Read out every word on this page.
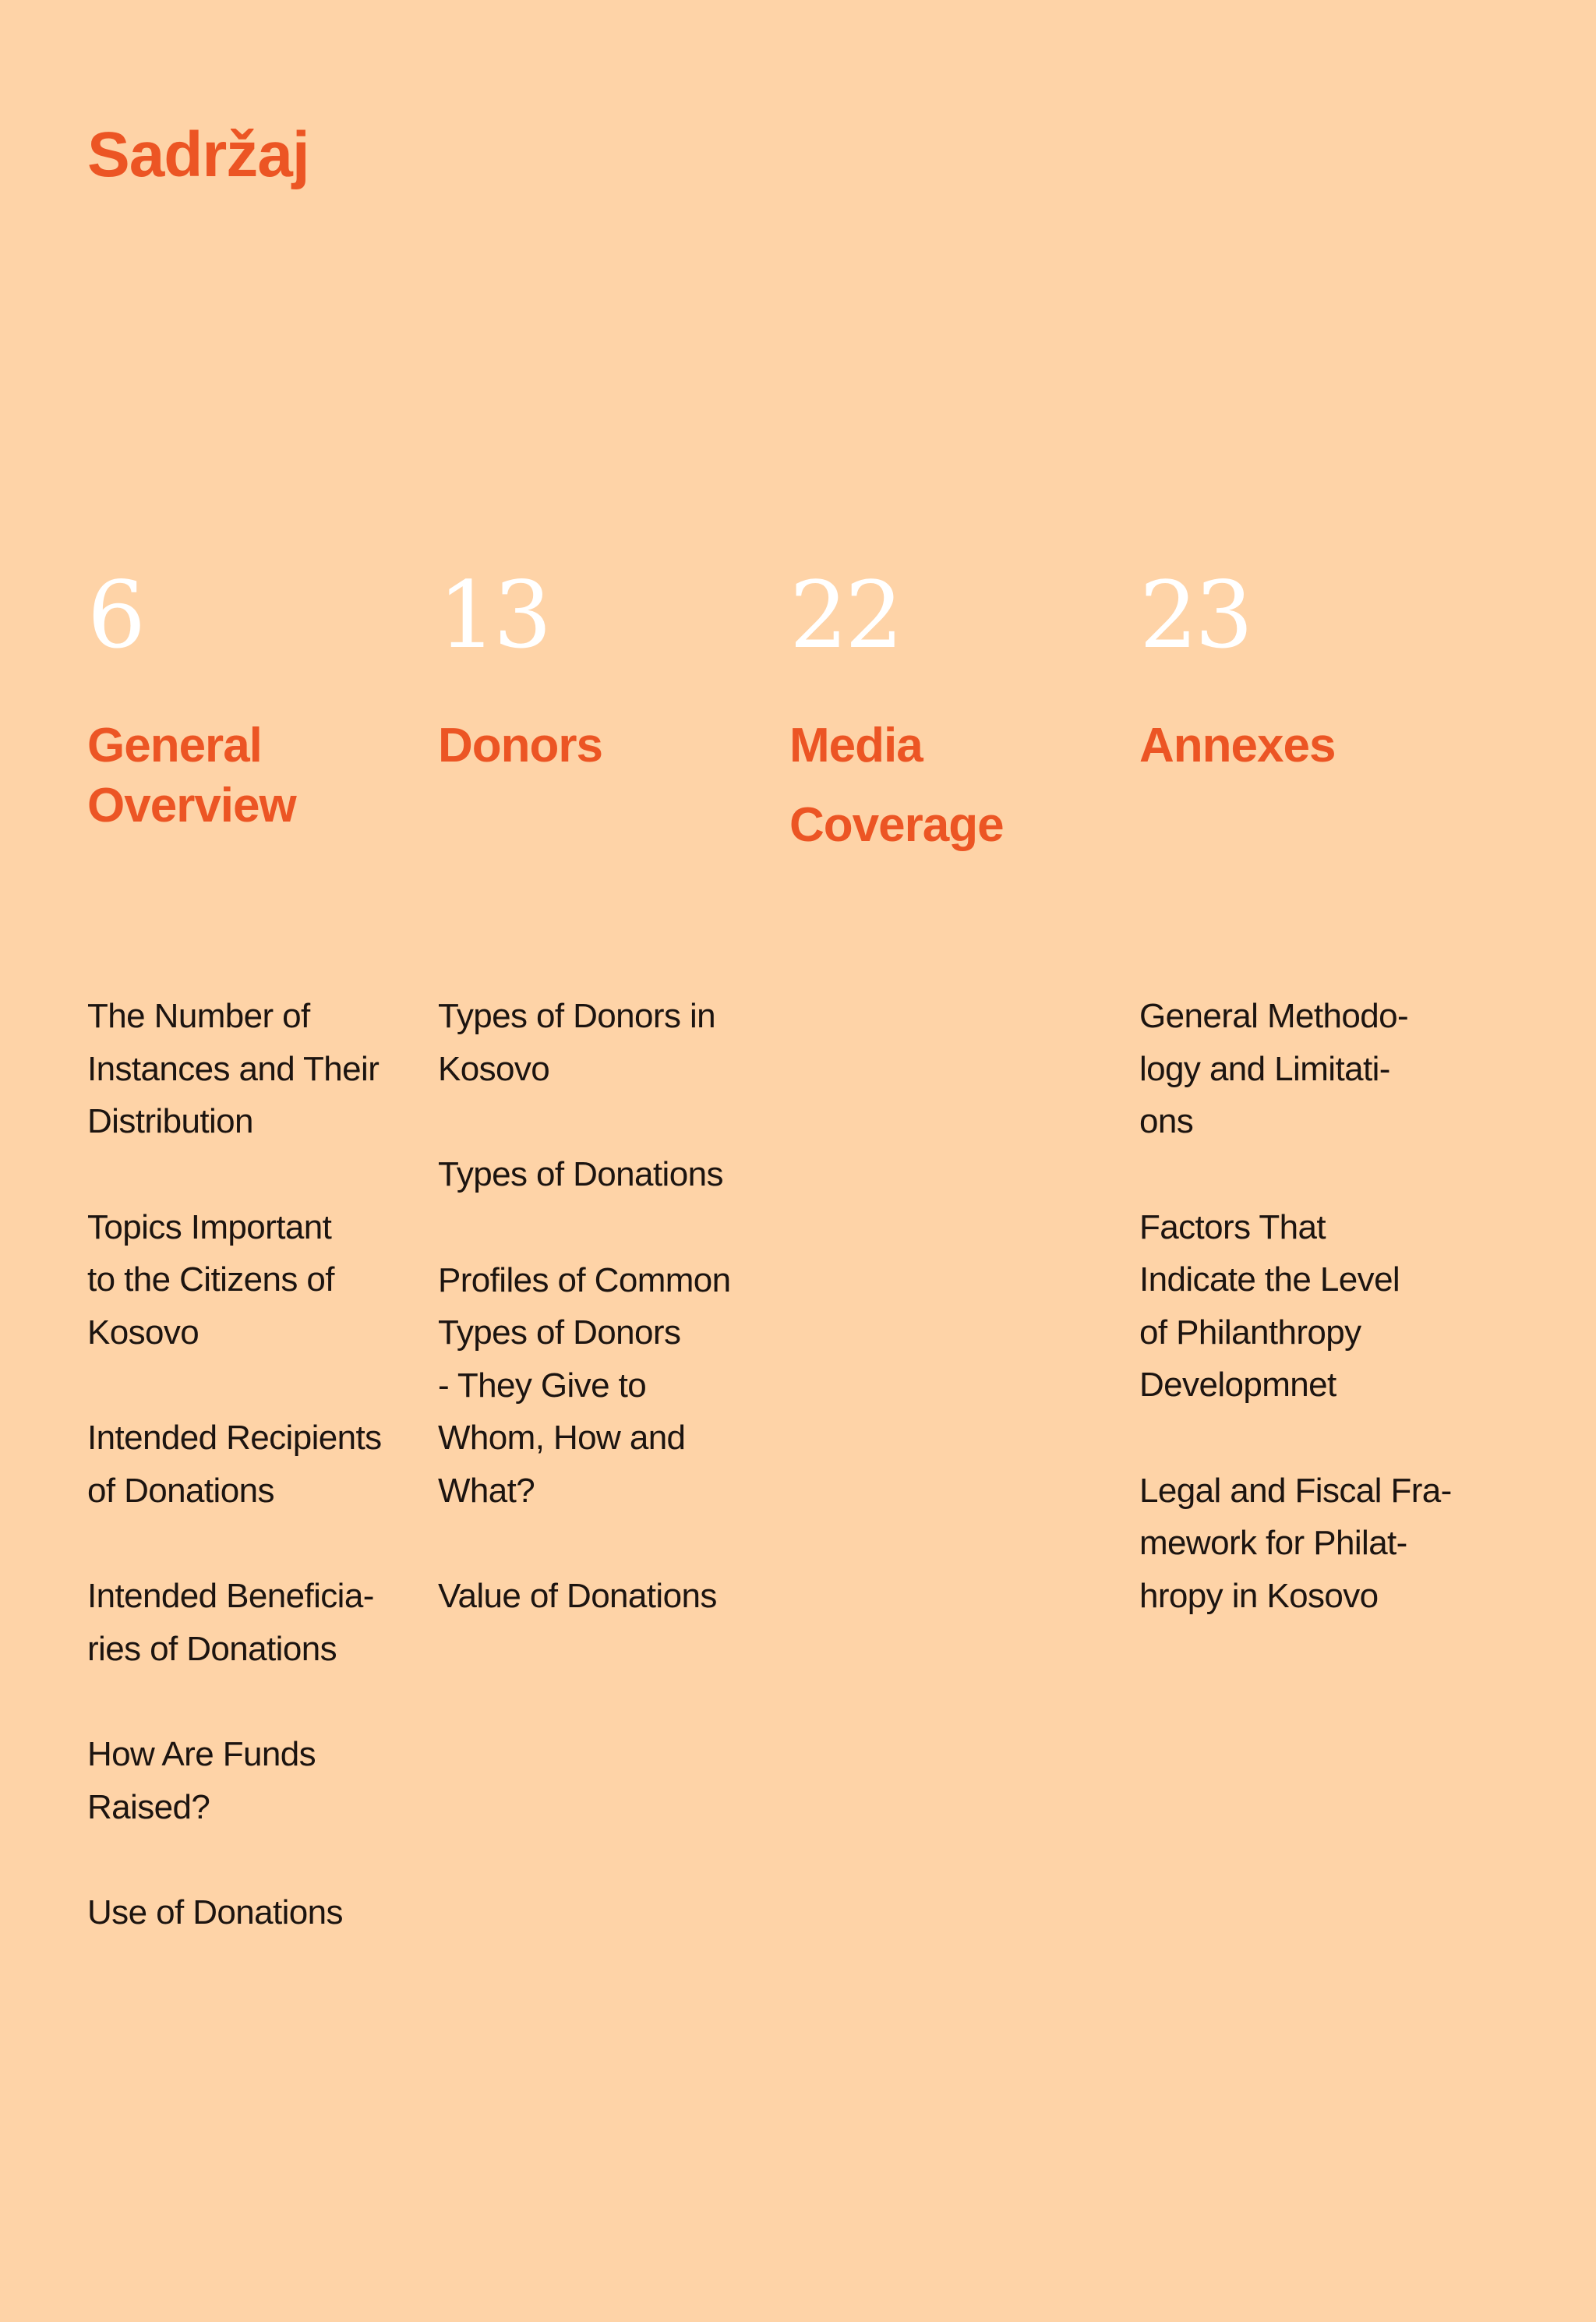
Sadržaj
6
General
Overview
The Number of
Instances and Their
Distribution
Topics Important
to the Citizens of
Kosovo
Intended Recipients
of Donations
Intended Beneficia-
ries of Donations
How Are Funds
Raised?
Use of Donations
13
Donors
Types of Donors in
Kosovo
Types of Donations
Profiles of Common
Types of Donors
- They Give to
Whom, How and
What?
Value of Donations
22
Media
Coverage
23
Annexes
General Methodo-
logy and Limitati-
ons
Factors That
Indicate the Level
of Philanthropy
Developmnet
Legal and Fiscal Fra-
mework for Philat-
hropy in Kosovo
